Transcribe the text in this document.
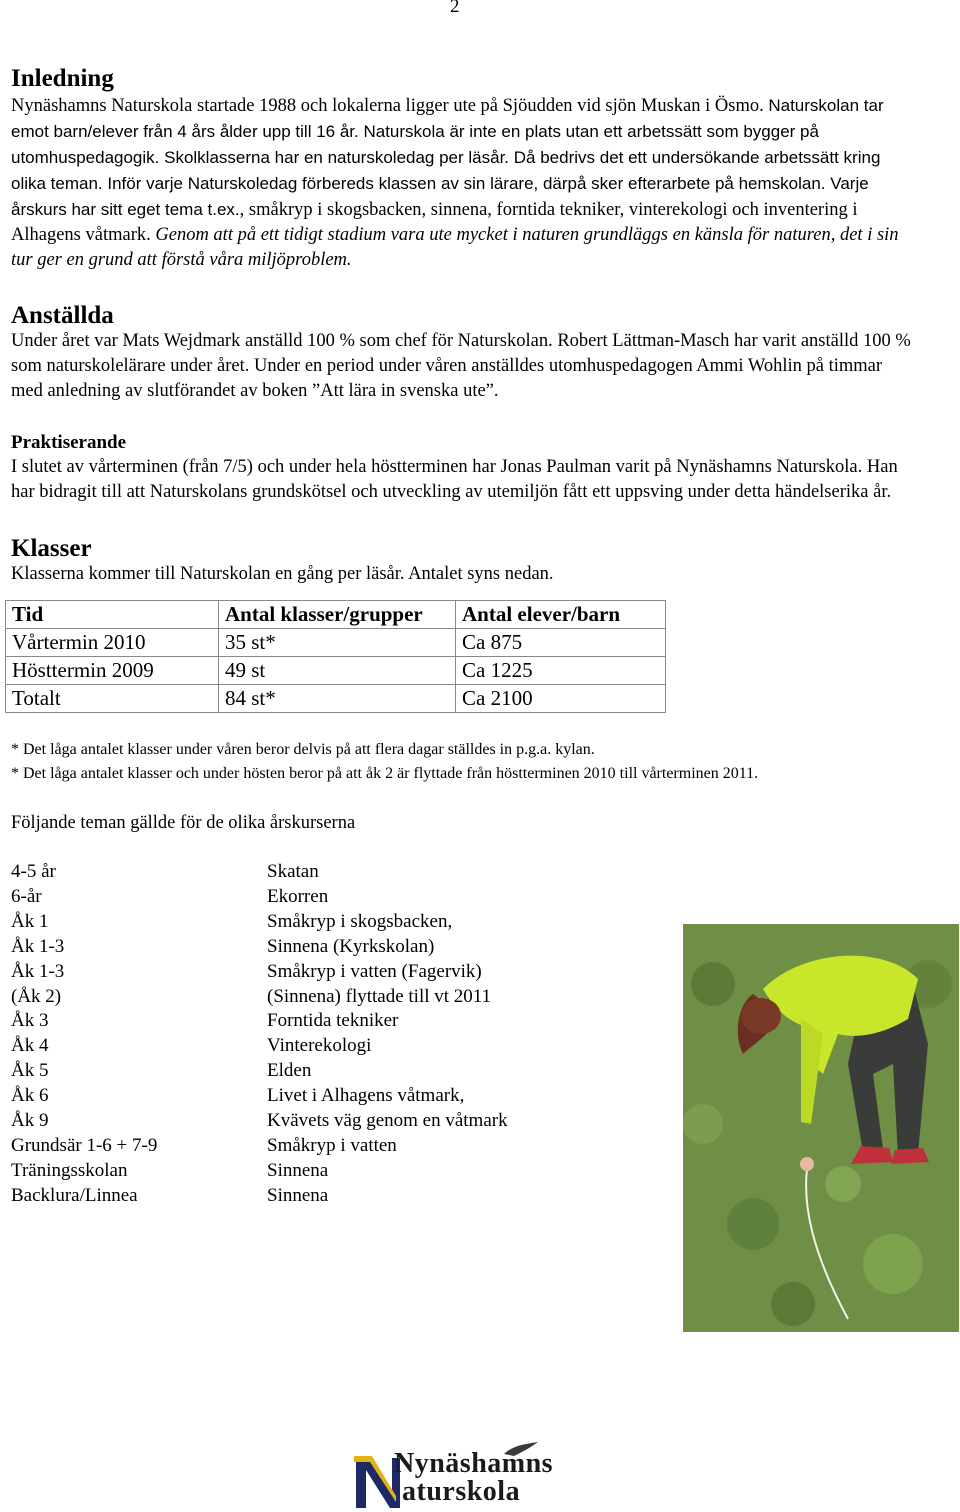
2
Inledning

Nynäshamns Naturskola startade 1988 och lokalerna ligger ute på Sjöudden vid sjön Muskan i Ösmo. Naturskolan tar emot barn/elever från 4 års ålder upp till 16 år. Naturskola är inte en plats utan ett arbetssätt som bygger på utomhuspedagogik. Skolklasserna har en naturskoledag per läsår. Då bedrivs det ett undersökande arbetssätt kring olika teman. Inför varje Naturskoledag förbereds klassen av sin lärare, därpå sker efterarbete på hemskolan. Varje årskurs har sitt eget tema t.ex., småkryp i skogsbacken, sinnena, forntida tekniker, vinterekologi och inventering i Alhagens våtmark. Genom att på ett tidigt stadium vara ute mycket i naturen grundläggs en känsla för naturen, det i sin tur ger en grund att förstå våra miljöproblem.

Anställda

Under året var Mats Wejdmark anställd 100 % som chef för Naturskolan. Robert Lättman-Masch har varit anställd 100 % som naturskolelärare under året. Under en period under våren anställdes utomhuspedagogen Ammi Wohlin på timmar med anledning av slutförandet av boken ”Att lära in svenska ute”.

Praktiserande

I slutet av vårterminen (från 7/5) och under hela höstterminen har Jonas Paulman varit på Nynäshamns Naturskola. Han har bidragit till att Naturskolans grundskötsel och utveckling av utemiljön fått ett uppsving under detta händelserika år.

Klasser

Klasserna kommer till Naturskolan en gång per läsår. Antalet syns nedan.

Tid	Antal klasser/grupper	Antal elever/barn
Vårtermin 2010	35 st*	Ca 875
Hösttermin 2009	49 st	Ca 1225
Totalt	84 st*	Ca 2100

* Det låga antalet klasser under våren beror delvis på att flera dagar ställdes in p.g.a. kylan.

* Det låga antalet klasser och under hösten beror på att åk 2 är flyttade från höstterminen 2010 till vårterminen 2011.

Följande teman gällde för de olika årskurserna

4-5 år	Skatan
6-år	Ekorren
Åk 1	Småkryp i skogsbacken,
Åk 1-3	Sinnena (Kyrkskolan)
Åk 1-3	Småkryp i vatten (Fagervik)
(Åk 2)	(Sinnena) flyttade till vt 2011
Åk 3	Forntida tekniker
Åk 4	Vinterekologi
Åk 5	Elden
Åk 6	Livet i Alhagens våtmark,
Åk 9	Kvävets väg genom en våtmark
Grundsär 1-6 + 7-9	Småkryp i vatten
Träningsskolan	Sinnena
Backlura/Linnea	Sinnena
Nynäshamns
aturskola
